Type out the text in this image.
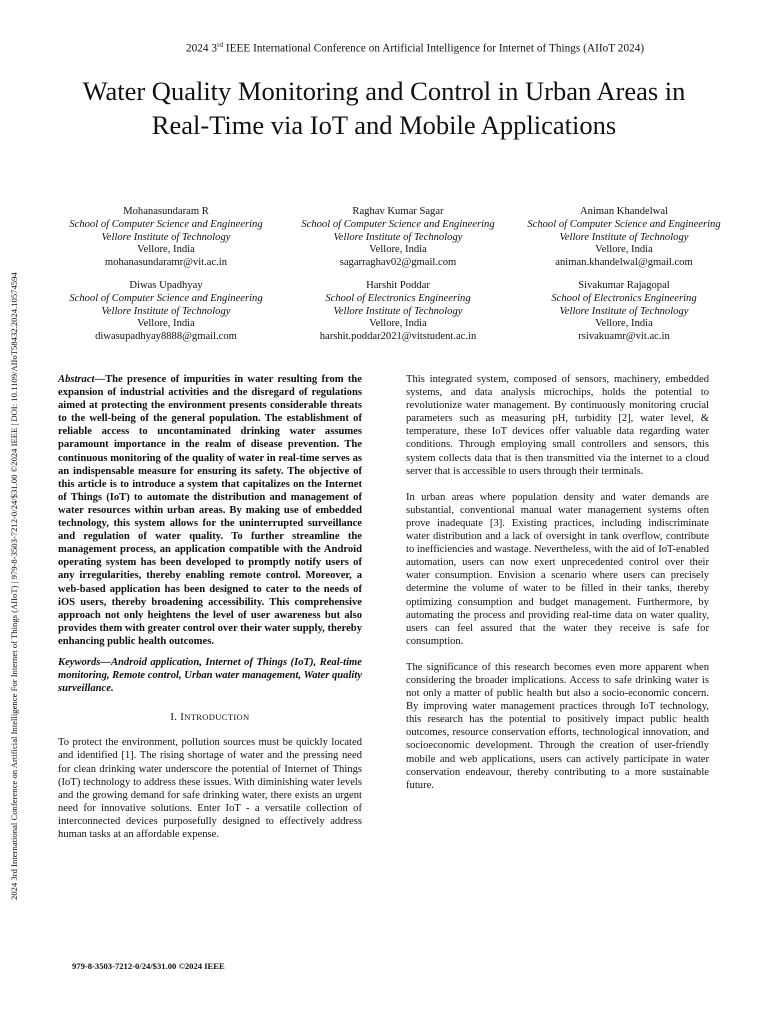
2024 3rd IEEE International Conference on Artificial Intelligence for Internet of Things (AIIoT 2024)
Water Quality Monitoring and Control in Urban Areas in Real-Time via IoT and Mobile Applications
2024 3rd International Conference on Artificial Intelligence For Internet of Things (AIIoT) | 979-8-3503-7212-0/24/$31.00 ©2024 IEEE | DOI: 10.1109/AIIoT58432.2024.10574594
Mohanasundaram R
School of Computer Science and Engineering
Vellore Institute of Technology
Vellore, India
mohanasundaramr@vit.ac.in
Raghav Kumar Sagar
School of Computer Science and Engineering
Vellore Institute of Technology
Vellore, India
sagarraghav02@gmail.com
Animan Khandelwal
School of Computer Science and Engineering
Vellore Institute of Technology
Vellore, India
animan.khandelwal@gmail.com
Diwas Upadhyay
School of Computer Science and Engineering
Vellore Institute of Technology
Vellore, India
diwasupadhyay8888@gmail.com
Harshit Poddar
School of Electronics Engineering
Vellore Institute of Technology
Vellore, India
harshit.poddar2021@vitstudent.ac.in
Sivakumar Rajagopal
School of Electronics Engineering
Vellore Institute of Technology
Vellore, India
rsivakuamr@vit.ac.in

Abstract—The presence of impurities in water resulting from the expansion of industrial activities and the disregard of regulations aimed at protecting the environment presents considerable threats to the well-being of the general population. The establishment of reliable access to uncontaminated drinking water assumes paramount importance in the realm of disease prevention. The continuous monitoring of the quality of water in real-time serves as an indispensable measure for ensuring its safety. The objective of this article is to introduce a system that capitalizes on the Internet of Things (IoT) to automate the distribution and management of water resources within urban areas. By making use of embedded technology, this system allows for the uninterrupted surveillance and regulation of water quality. To further streamline the management process, an application compatible with the Android operating system has been developed to promptly notify users of any irregularities, thereby enabling remote control. Moreover, a web-based application has been designed to cater to the needs of iOS users, thereby broadening accessibility. This comprehensive approach not only heightens the level of user awareness but also provides them with greater control over their water supply, thereby enhancing public health outcomes.

Keywords—Android application, Internet of Things (IoT), Real-time monitoring, Remote control, Urban water management, Water quality surveillance.

I. INTRODUCTION

To protect the environment, pollution sources must be quickly located and identified [1]. The rising shortage of water and the pressing need for clean drinking water underscore the potential of Internet of Things (IoT) technology to address these issues. With diminishing water levels and the growing demand for safe drinking water, there exists an urgent need for innovative solutions. Enter IoT - a versatile collection of interconnected devices purposefully designed to effectively address human tasks at an affordable expense.

This integrated system, composed of sensors, machinery, embedded systems, and data analysis microchips, holds the potential to revolutionize water management. By continuously monitoring crucial parameters such as measuring pH, turbidity [2], water level, & temperature, these IoT devices offer valuable data regarding water conditions. Through employing small controllers and sensors, this system collects data that is then transmitted via the internet to a cloud server that is accessible to users through their terminals.

In urban areas where population density and water demands are substantial, conventional manual water management systems often prove inadequate [3]. Existing practices, including indiscriminate water distribution and a lack of oversight in tank overflow, contribute to inefficiencies and wastage. Nevertheless, with the aid of IoT-enabled automation, users can now exert unprecedented control over their water consumption. Envision a scenario where users can precisely determine the volume of water to be filled in their tanks, thereby optimizing consumption and budget management. Furthermore, by automating the process and providing real-time data on water quality, users can feel assured that the water they receive is safe for consumption.

The significance of this research becomes even more apparent when considering the broader implications. Access to safe drinking water is not only a matter of public health but also a socio-economic concern. By improving water management practices through IoT technology, this research has the potential to positively impact public health outcomes, resource conservation efforts, technological innovation, and socioeconomic development. Through the creation of user-friendly mobile and web applications, users can actively participate in water conservation endeavour, thereby contributing to a more sustainable future.

979-8-3503-7212-0/24/$31.00 ©2024 IEEE
